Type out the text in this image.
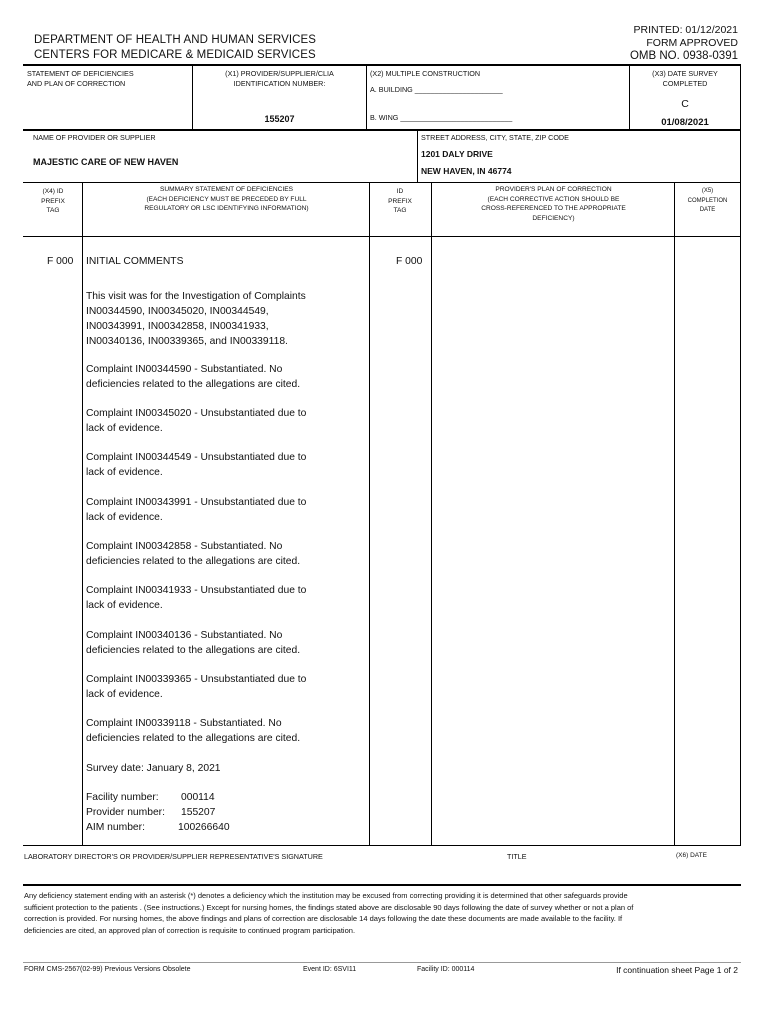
DEPARTMENT OF HEALTH AND HUMAN SERVICES
CENTERS FOR MEDICARE & MEDICAID SERVICES
PRINTED: 01/12/2021
FORM APPROVED
OMB NO. 0938-0391
STATEMENT OF DEFICIENCIES
AND PLAN OF CORRECTION
(X1) PROVIDER/SUPPLIER/CLIA
IDENTIFICATION NUMBER:
155207
(X2) MULTIPLE CONSTRUCTION
A. BUILDING ______________________
B. WING ____________________________
(X3) DATE SURVEY
COMPLETED
C
01/08/2021
NAME OF PROVIDER OR SUPPLIER
MAJESTIC CARE OF NEW HAVEN
STREET ADDRESS, CITY, STATE, ZIP CODE
1201 DALY DRIVE
NEW HAVEN, IN 46774
(X4) ID
PREFIX
TAG
SUMMARY STATEMENT OF DEFICIENCIES
(EACH DEFICIENCY MUST BE PRECEDED BY FULL
REGULATORY OR LSC IDENTIFYING INFORMATION)
ID
PREFIX
TAG
PROVIDER'S PLAN OF CORRECTION
(EACH CORRECTIVE ACTION SHOULD BE
CROSS-REFERENCED TO THE APPROPRIATE
DEFICIENCY)
(X5)
COMPLETION
DATE
F 000 INITIAL COMMENTS	F 000
This visit was for the Investigation of Complaints
IN00344590, IN00345020, IN00344549,
IN00343991, IN00342858, IN00341933,
IN00340136, IN00339365, and IN00339118.
Complaint IN00344590 - Substantiated. No
deficiencies related to the allegations are cited.
Complaint IN00345020 - Unsubstantiated due to
lack of evidence.
Complaint IN00344549 - Unsubstantiated due to
lack of evidence.
Complaint IN00343991 - Unsubstantiated due to
lack of evidence.
Complaint IN00342858 - Substantiated. No
deficiencies related to the allegations are cited.
Complaint IN00341933 - Unsubstantiated due to
lack of evidence.
Complaint IN00340136 - Substantiated. No
deficiencies related to the allegations are cited.
Complaint IN00339365 - Unsubstantiated due to
lack of evidence.
Complaint IN00339118 - Substantiated. No
deficiencies related to the allegations are cited.
Survey date: January 8, 2021
Facility number: 000114
Provider number: 155207
AIM number:	100266640
LABORATORY DIRECTOR'S OR PROVIDER/SUPPLIER REPRESENTATIVE'S SIGNATURE	TITLE	(X6) DATE
Any deficiency statement ending with an asterisk (*) denotes a deficiency which the institution may be excused from correcting providing it is determined that other safeguards provide sufficient protection to the patients . (See instructions.) Except for nursing homes, the findings stated above are disclosable 90 days following the date of survey whether or not a plan of correction is provided. For nursing homes, the above findings and plans of correction are disclosable 14 days following the date these documents are made available to the facility. If deficiencies are cited, an approved plan of correction is requisite to continued program participation.
FORM CMS-2567(02-99) Previous Versions Obsolete	Event ID: 6SVI11	Facility ID: 000114	If continuation sheet Page 1 of 2
